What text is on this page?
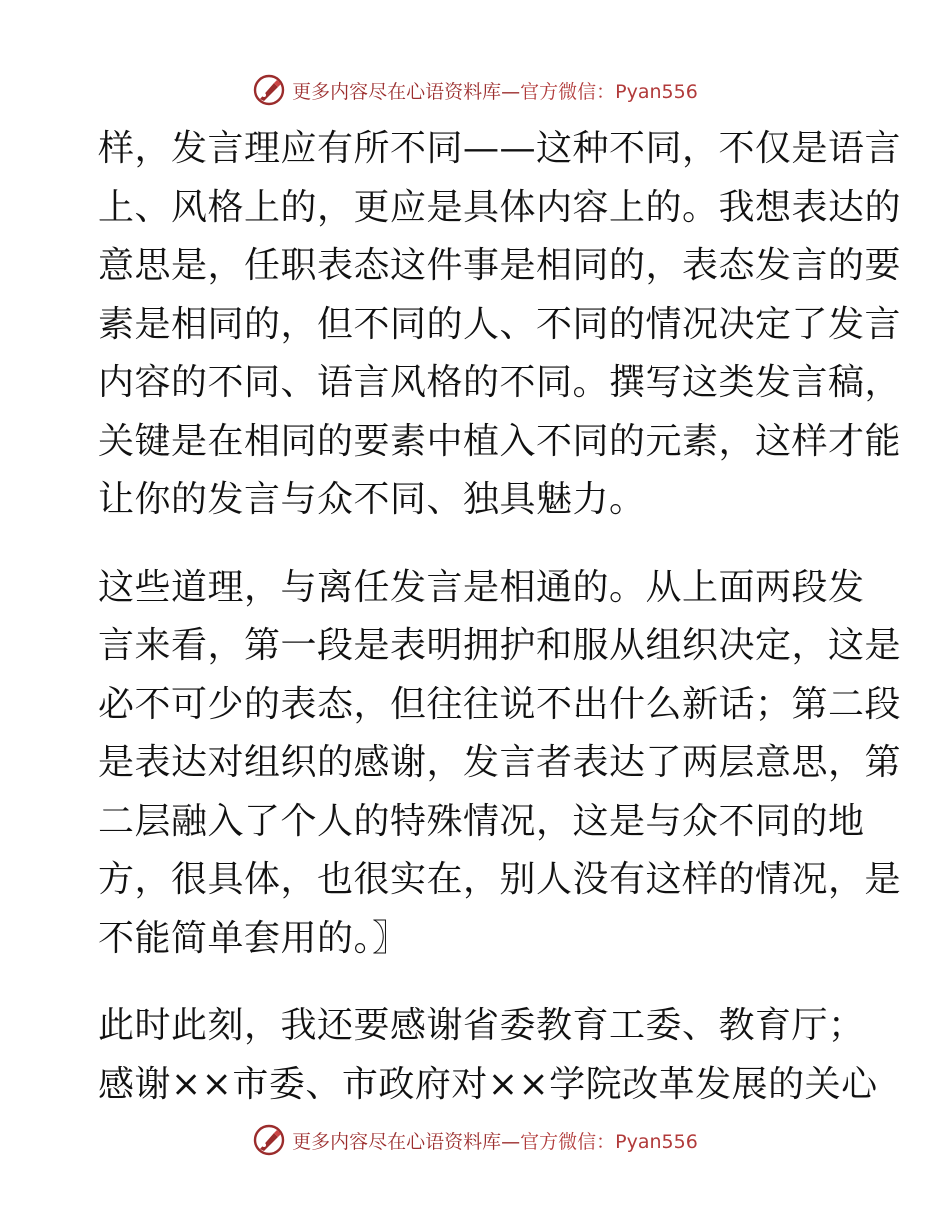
更多内容尽在心语资料库—官方微信：Pyan556
样，发言理应有所不同——这种不同，不仅是语言
上、风格上的，更应是具体内容上的。我想表达的
意思是，任职表态这件事是相同的，表态发言的要
素是相同的，但不同的人、不同的情况决定了发言
内容的不同、语言风格的不同。撰写这类发言稿，
关键是在相同的要素中植入不同的元素，这样才能
让你的发言与众不同、独具魅力。
这些道理，与离任发言是相通的。从上面两段发
言来看，第一段是表明拥护和服从组织决定，这是
必不可少的表态，但往往说不出什么新话；第二段
是表达对组织的感谢，发言者表达了两层意思，第
二层融入了个人的特殊情况，这是与众不同的地
方，很具体，也很实在，别人没有这样的情况，是
不能简单套用的。〗
此时此刻，我还要感谢省委教育工委、教育厅；
感谢××市委、市政府对××学院改革发展的关心
更多内容尽在心语资料库—官方微信：Pyan556
